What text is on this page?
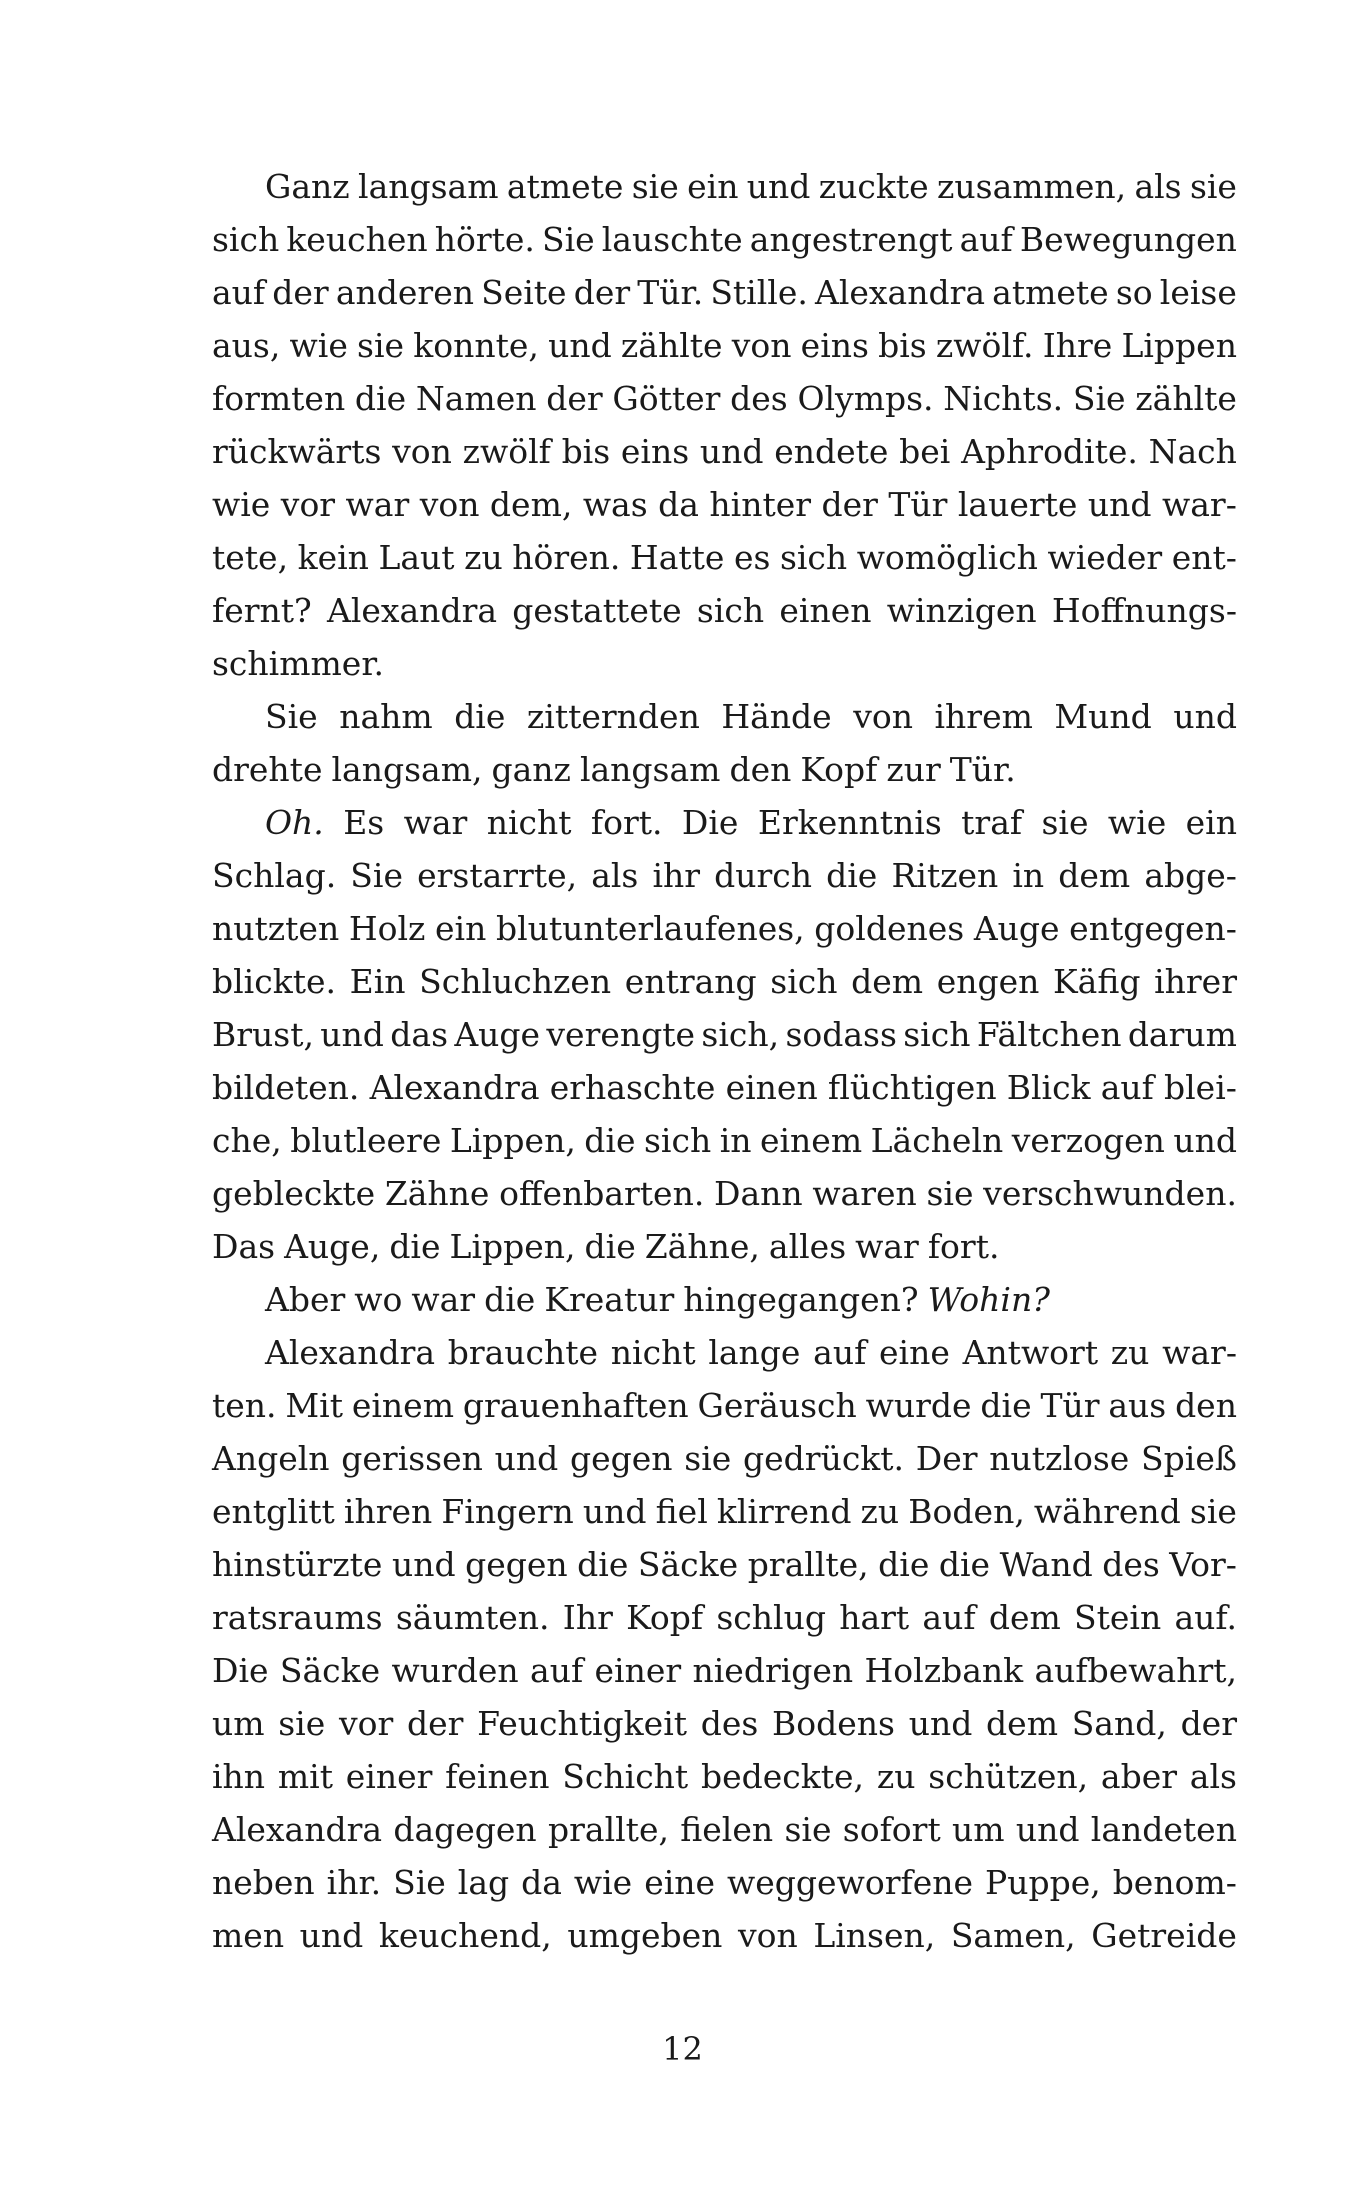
Ganz langsam atmete sie ein und zuckte zusammen, als sie
sich keuchen hörte. Sie lauschte angestrengt auf Bewegungen
auf der anderen Seite der Tür. Stille. Alexandra atmete so leise
aus, wie sie konnte, und zählte von eins bis zwölf. Ihre Lippen
formten die Namen der Götter des Olymps. Nichts. Sie zählte
rückwärts von zwölf bis eins und endete bei Aphrodite. Nach
wie vor war von dem, was da hinter der Tür lauerte und war-
tete, kein Laut zu hören. Hatte es sich womöglich wieder ent-
fernt? Alexandra gestattete sich einen winzigen Hoffnungs-
schimmer.
Sie nahm die zitternden Hände von ihrem Mund und
drehte langsam, ganz langsam den Kopf zur Tür.
Oh. Es war nicht fort. Die Erkenntnis traf sie wie ein
Schlag. Sie erstarrte, als ihr durch die Ritzen in dem abge-
nutzten Holz ein blutunterlaufenes, goldenes Auge entgegen-
blickte. Ein Schluchzen entrang sich dem engen Käfig ihrer
Brust, und das Auge verengte sich, sodass sich Fältchen darum
bildeten. Alexandra erhaschte einen flüchtigen Blick auf blei-
che, blutleere Lippen, die sich in einem Lächeln verzogen und
gebleckte Zähne offenbarten. Dann waren sie verschwunden.
Das Auge, die Lippen, die Zähne, alles war fort.
Aber wo war die Kreatur hingegangen? Wohin?
Alexandra brauchte nicht lange auf eine Antwort zu war-
ten. Mit einem grauenhaften Geräusch wurde die Tür aus den
Angeln gerissen und gegen sie gedrückt. Der nutzlose Spieß
entglitt ihren Fingern und fiel klirrend zu Boden, während sie
hinstürzte und gegen die Säcke prallte, die die Wand des Vor-
ratsraums säumten. Ihr Kopf schlug hart auf dem Stein auf.
Die Säcke wurden auf einer niedrigen Holzbank aufbewahrt,
um sie vor der Feuchtigkeit des Bodens und dem Sand, der
ihn mit einer feinen Schicht bedeckte, zu schützen, aber als
Alexandra dagegen prallte, fielen sie sofort um und landeten
neben ihr. Sie lag da wie eine weggeworfene Puppe, benom-
men und keuchend, umgeben von Linsen, Samen, Getreide
12
